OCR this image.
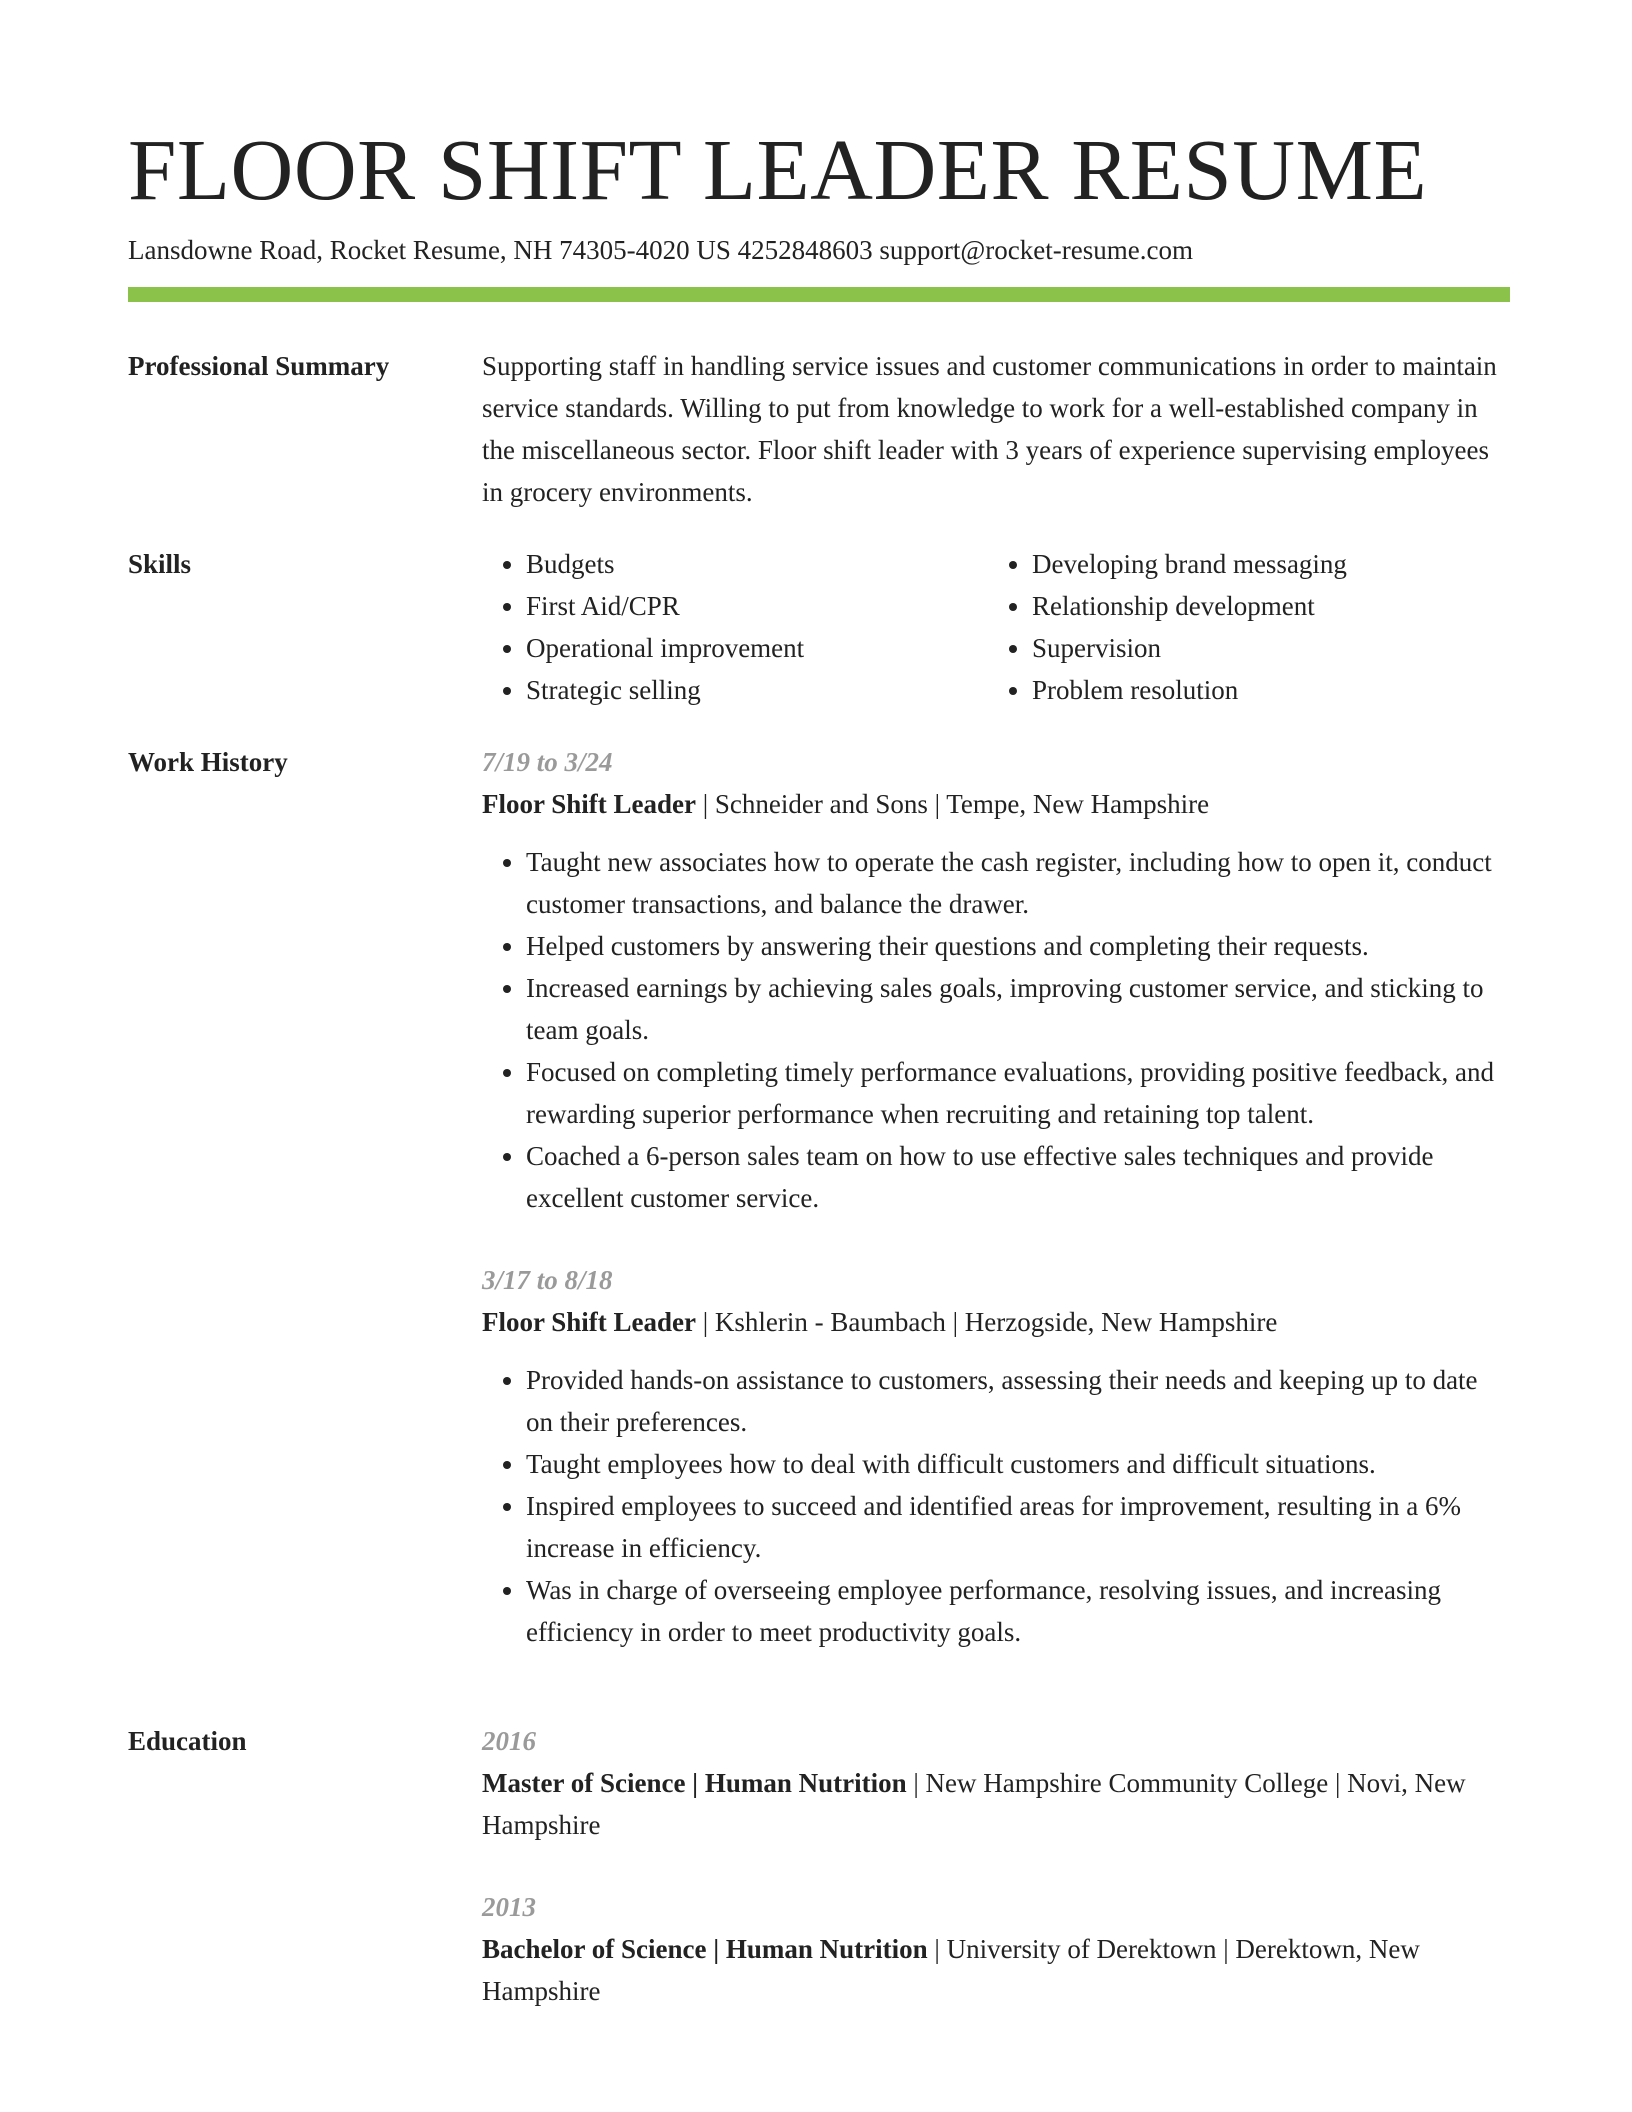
FLOOR SHIFT LEADER RESUME
Lansdowne Road, Rocket Resume, NH 74305-4020 US 4252848603 support@rocket-resume.com
Professional Summary	Supporting staff in handling service issues and customer communications in order to maintain service standards. Willing to put from knowledge to work for a well-established company in the miscellaneous sector. Floor shift leader with 3 years of experience supervising employees in grocery environments.

Skills
•	Budgets
• First Aid/CPR
• Operational improvement
• Strategic selling
• Developing brand messaging
• Relationship development
• Supervision
• Problem resolution
Work History	7/19 to 3/24
Floor Shift Leader | Schneider and Sons | Tempe, New Hampshire
• Taught new associates how to operate the cash register, including how to open it, conduct customer transactions, and balance the drawer.
• Helped customers by answering their questions and completing their requests.
• Increased earnings by achieving sales goals, improving customer service, and sticking to team goals.
• Focused on completing timely performance evaluations, providing positive feedback, and rewarding superior performance when recruiting and retaining top talent.
• Coached a 6-person sales team on how to use effective sales techniques and provide excellent customer service.
3/17 to 8/18
Floor Shift Leader | Kshlerin - Baumbach | Herzogside, New Hampshire
• Provided hands-on assistance to customers, assessing their needs and keeping up to date on their preferences.
• Taught employees how to deal with difficult customers and difficult situations.
• Inspired employees to succeed and identified areas for improvement, resulting in a 6% increase in efficiency.
• Was in charge of overseeing employee performance, resolving issues, and increasing efficiency in order to meet productivity goals.
Education	2016
Master of Science | Human Nutrition | New Hampshire Community College | Novi, New Hampshire
2013
Bachelor of Science | Human Nutrition | University of Derektown | Derektown, New Hampshire
